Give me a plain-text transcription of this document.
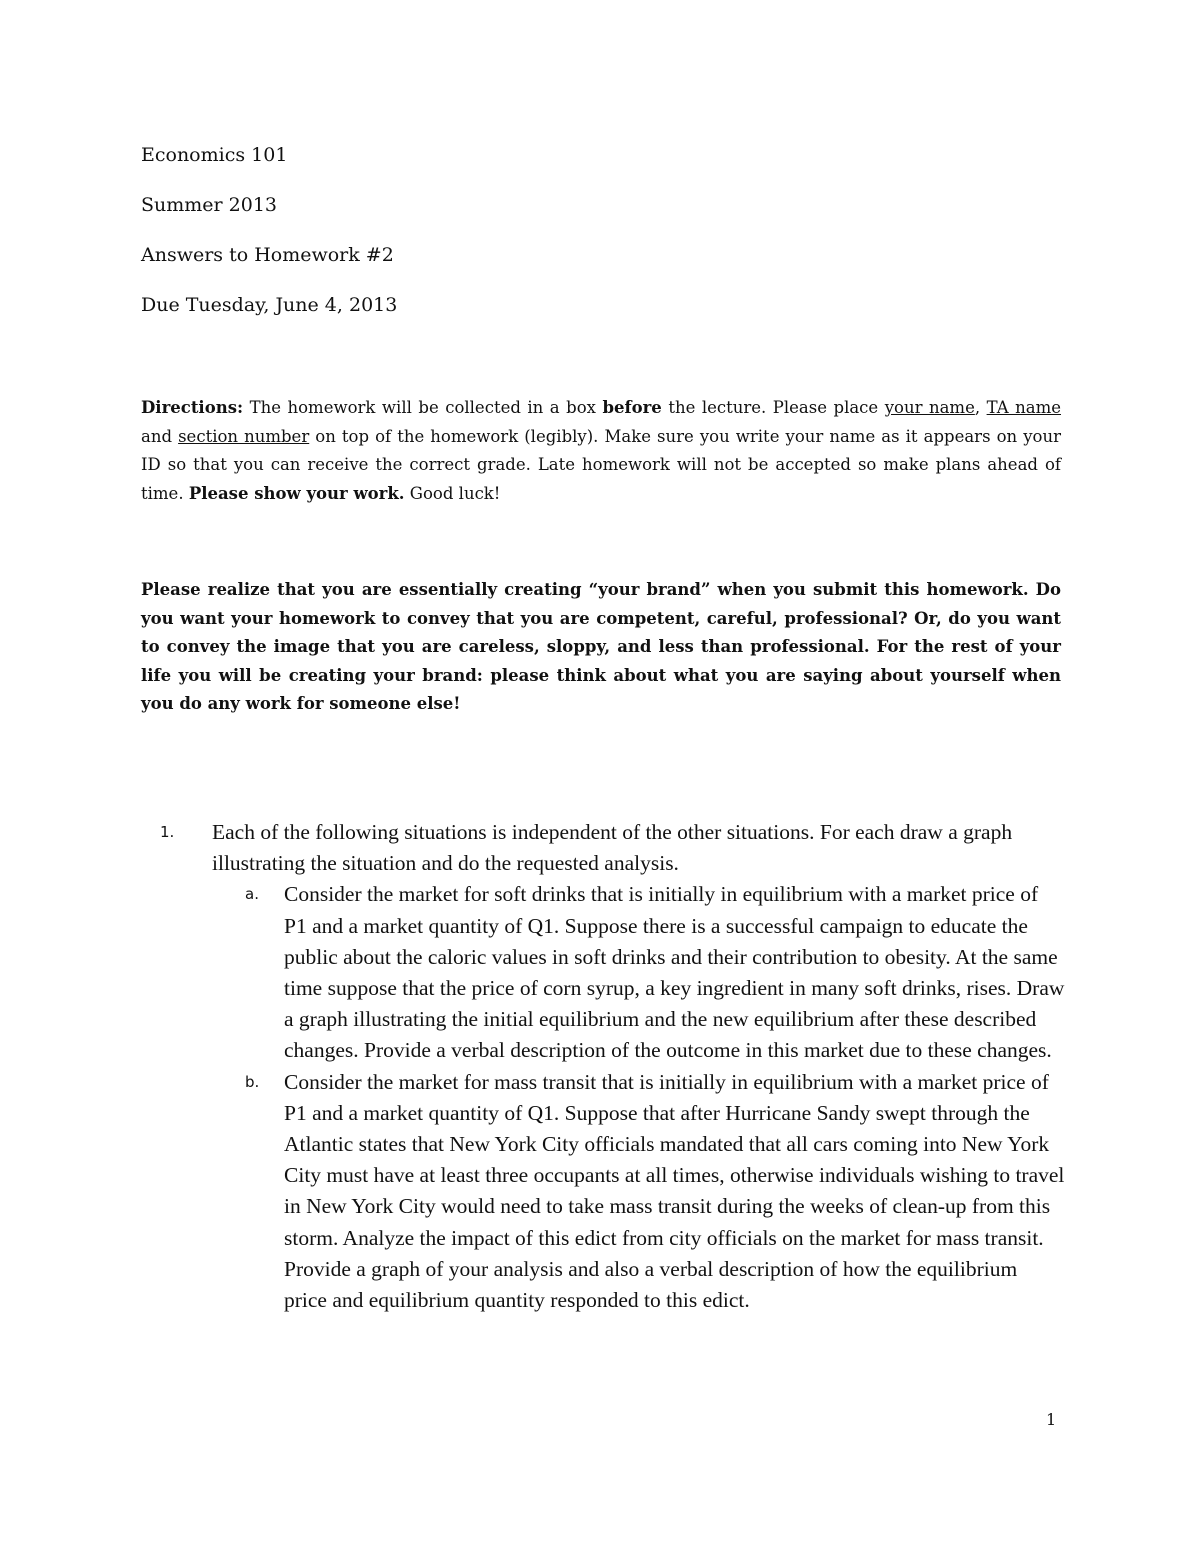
Economics 101
Summer 2013
Answers to Homework #2
Due Tuesday, June 4, 2013
Directions: The homework will be collected in a box before the lecture. Please place your name, TA name and section number on top of the homework (legibly). Make sure you write your name as it appears on your ID so that you can receive the correct grade. Late homework will not be accepted so make plans ahead of time. Please show your work. Good luck!
Please realize that you are essentially creating “your brand” when you submit this homework. Do you want your homework to convey that you are competent, careful, professional? Or, do you want to convey the image that you are careless, sloppy, and less than professional. For the rest of your life you will be creating your brand: please think about what you are saying about yourself when you do any work for someone else!
1. Each of the following situations is independent of the other situations. For each draw a graph illustrating the situation and do the requested analysis.
a.	Consider the market for soft drinks that is initially in equilibrium with a market price of P1 and a market quantity of Q1. Suppose there is a successful campaign to educate the public about the caloric values in soft drinks and their contribution to obesity. At the same time suppose that the price of corn syrup, a key ingredient in many soft drinks, rises. Draw a graph illustrating the initial equilibrium and the new equilibrium after these described changes. Provide a verbal description of the outcome in this market due to these changes.
b.	Consider the market for mass transit that is initially in equilibrium with a market price of P1 and a market quantity of Q1. Suppose that after Hurricane Sandy swept through the Atlantic states that New York City officials mandated that all cars coming into New York City must have at least three occupants at all times, otherwise individuals wishing to travel in New York City would need to take mass transit during the weeks of clean-up from this storm. Analyze the impact of this edict from city officials on the market for mass transit. Provide a graph of your analysis and also a verbal description of how the equilibrium price and equilibrium quantity responded to this edict.
1
